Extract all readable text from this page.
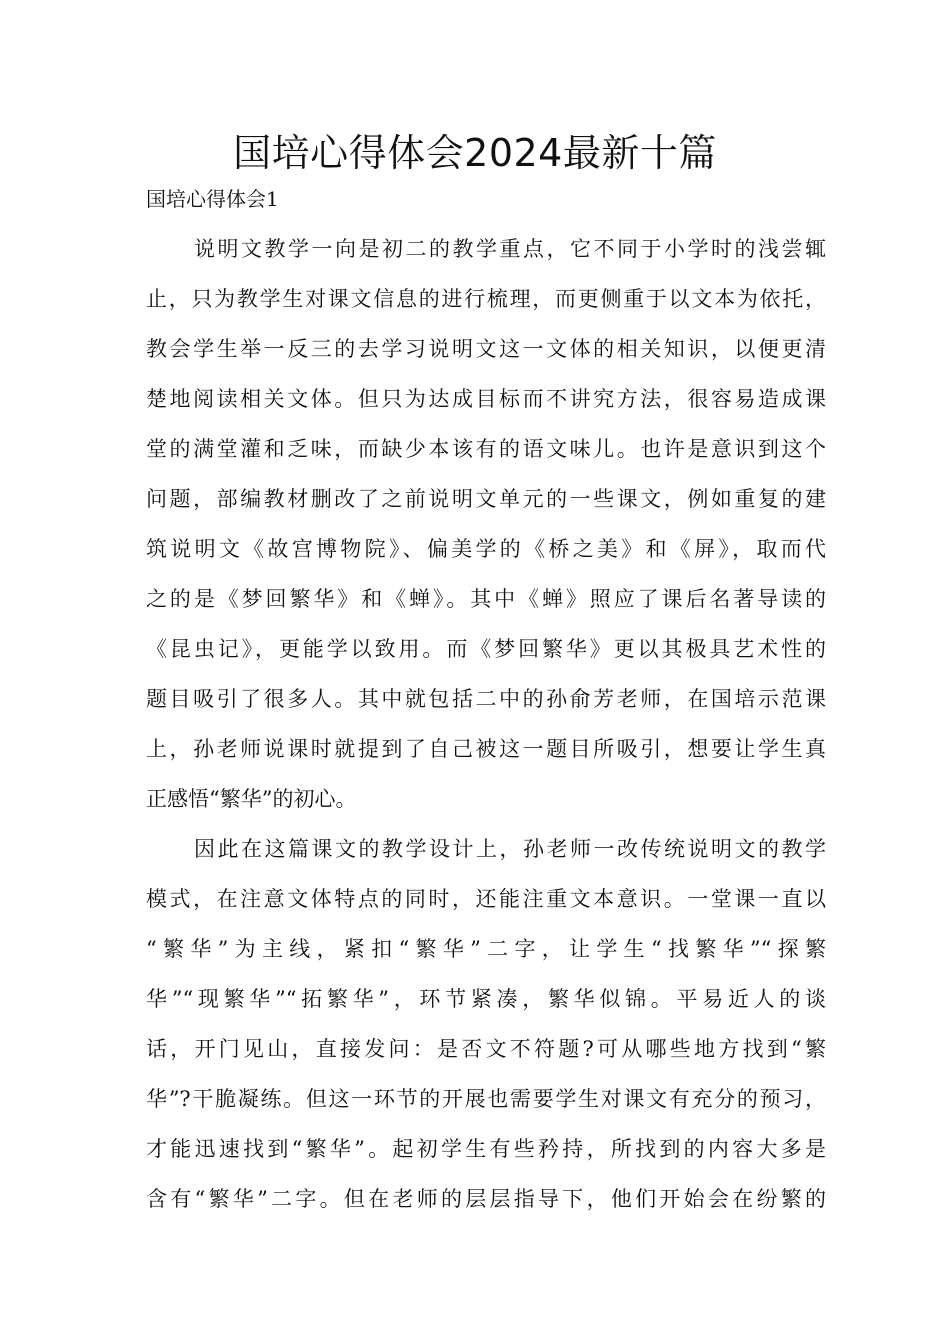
国培心得体会2024最新十篇
国培心得体会1

说明文教学一向是初二的教学重点，它不同于小学时的浅尝辄

止，只为教学生对课文信息的进行梳理，而更侧重于以文本为依托，

教会学生举一反三的去学习说明文这一文体的相关知识，以便更清

楚地阅读相关文体。但只为达成目标而不讲究方法，很容易造成课

堂的满堂灌和乏味，而缺少本该有的语文味儿。也许是意识到这个

问题，部编教材删改了之前说明文单元的一些课文，例如重复的建

筑说明文《故宫博物院》、偏美学的《桥之美》和《屏》，取而代

之的是《梦回繁华》和《蝉》。其中《蝉》照应了课后名著导读的

《昆虫记》，更能学以致用。而《梦回繁华》更以其极具艺术性的

题目吸引了很多人。其中就包括二中的孙俞芳老师，在国培示范课

上，孙老师说课时就提到了自己被这一题目所吸引，想要让学生真

正感悟“繁华”的初心。

因此在这篇课文的教学设计上，孙老师一改传统说明文的教学

模式，在注意文体特点的同时，还能注重文本意识。一堂课一直以

“繁华”为主线，紧扣“繁华”二字，让学生“找繁华”“探繁

华”“现繁华”“拓繁华”，环节紧凑，繁华似锦。平易近人的谈

话，开门见山，直接发问：是否文不符题?可从哪些地方找到“繁

华”?干脆凝练。但这一环节的开展也需要学生对课文有充分的预习，

才能迅速找到“繁华”。起初学生有些矜持，所找到的内容大多是

含有“繁华”二字。但在老师的层层指导下，他们开始会在纷繁的
